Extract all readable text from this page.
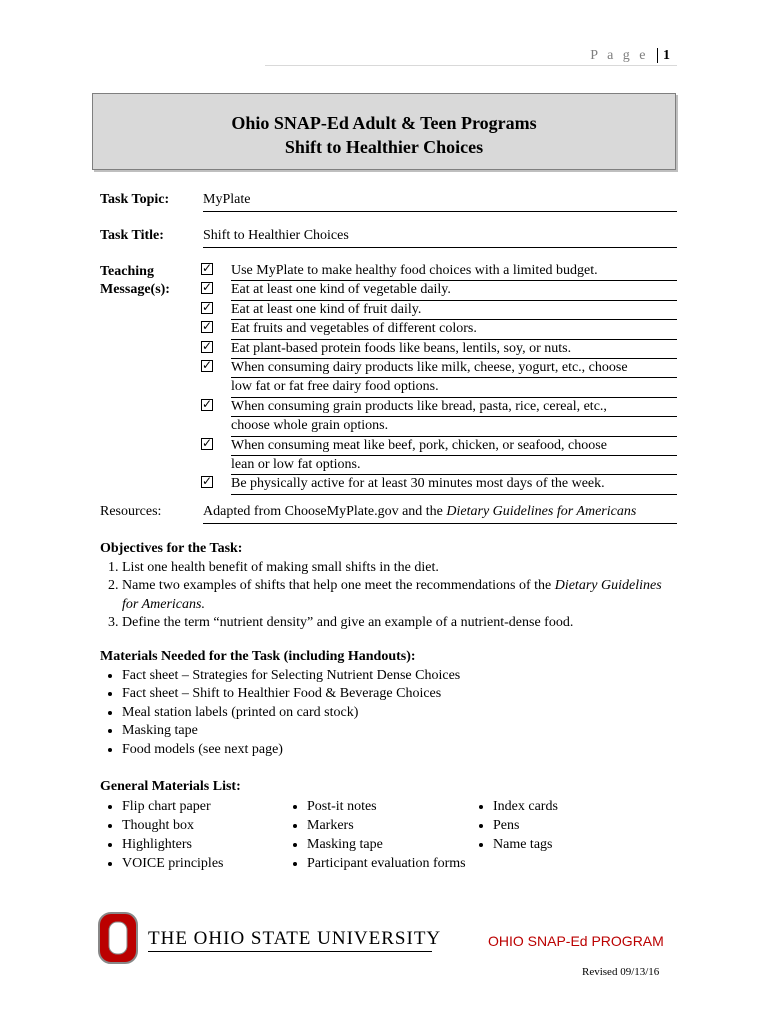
P a g e 1
Ohio SNAP-Ed Adult & Teen Programs
Shift to Healthier Choices
Task Topic:	MyPlate
Task Title:	Shift to Healthier Choices
Teaching
Message(s):
✓ Use MyPlate to make healthy food choices with a limited budget.
✓ Eat at least one kind of vegetable daily.
✓ Eat at least one kind of fruit daily.
✓ Eat fruits and vegetables of different colors.
✓ Eat plant-based protein foods like beans, lentils, soy, or nuts.
✓ When consuming dairy products like milk, cheese, yogurt, etc., choose
low fat or fat free dairy food options.
✓ When consuming grain products like bread, pasta, rice, cereal, etc.,
choose whole grain options.
✓ When consuming meat like beef, pork, chicken, or seafood, choose
lean or low fat options.
✓ Be physically active for at least 30 minutes most days of the week.
Resources:	Adapted from ChooseMyPlate.gov and the Dietary Guidelines for Americans
Objectives for the Task:
1. List one health benefit of making small shifts in the diet.
2. Name two examples of shifts that help one meet the recommendations of the Dietary Guidelines for Americans.
3. Define the term “nutrient density” and give an example of a nutrient-dense food.
Materials Needed for the Task (including Handouts):
• Fact sheet – Strategies for Selecting Nutrient Dense Choices
• Fact sheet – Shift to Healthier Food & Beverage Choices
• Meal station labels (printed on card stock)
• Masking tape
• Food models (see next page)
General Materials List:
• Flip chart paper
• Thought box
• Highlighters
• VOICE principles
• Post-it notes
• Markers
• Masking tape
• Participant evaluation forms
• Index cards
• Pens
• Name tags
THE OHIO STATE UNIVERSITY	OHIO SNAP-Ed PROGRAM
Revised 09/13/16
